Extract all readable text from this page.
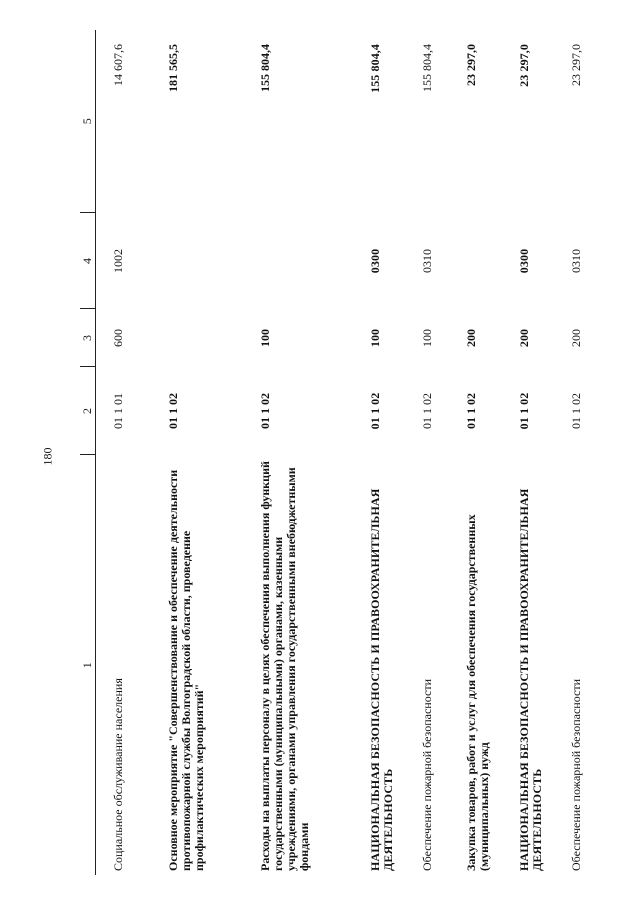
180
1	2	3	4	5
Социальное обслуживание населения	01 1 01	600	1002	14 607,6
Основное мероприятие "Совершенствование и обеспечение деятельности противопожарной службы Волгоградской области, проведение профилактических мероприятий"	01 1 02			181 565,5
Расходы на выплаты персоналу в целях обеспечения выполнения функций государственными (муниципальными) органами, казенными учреждениями, органами управления государственными внебюджетными фондами	01 1 02	100		155 804,4
НАЦИОНАЛЬНАЯ БЕЗОПАСНОСТЬ И ПРАВООХРАНИТЕЛЬНАЯ ДЕЯТЕЛЬНОСТЬ	01 1 02	100	0300	155 804,4
Обеспечение пожарной безопасности	01 1 02	100	0310	155 804,4
Закупка товаров, работ и услуг для обеспечения государственных (муниципальных) нужд	01 1 02	200		23 297,0
НАЦИОНАЛЬНАЯ БЕЗОПАСНОСТЬ И ПРАВООХРАНИТЕЛЬНАЯ ДЕЯТЕЛЬНОСТЬ	01 1 02	200	0300	23 297,0
Обеспечение пожарной безопасности	01 1 02	200	0310	23 297,0
